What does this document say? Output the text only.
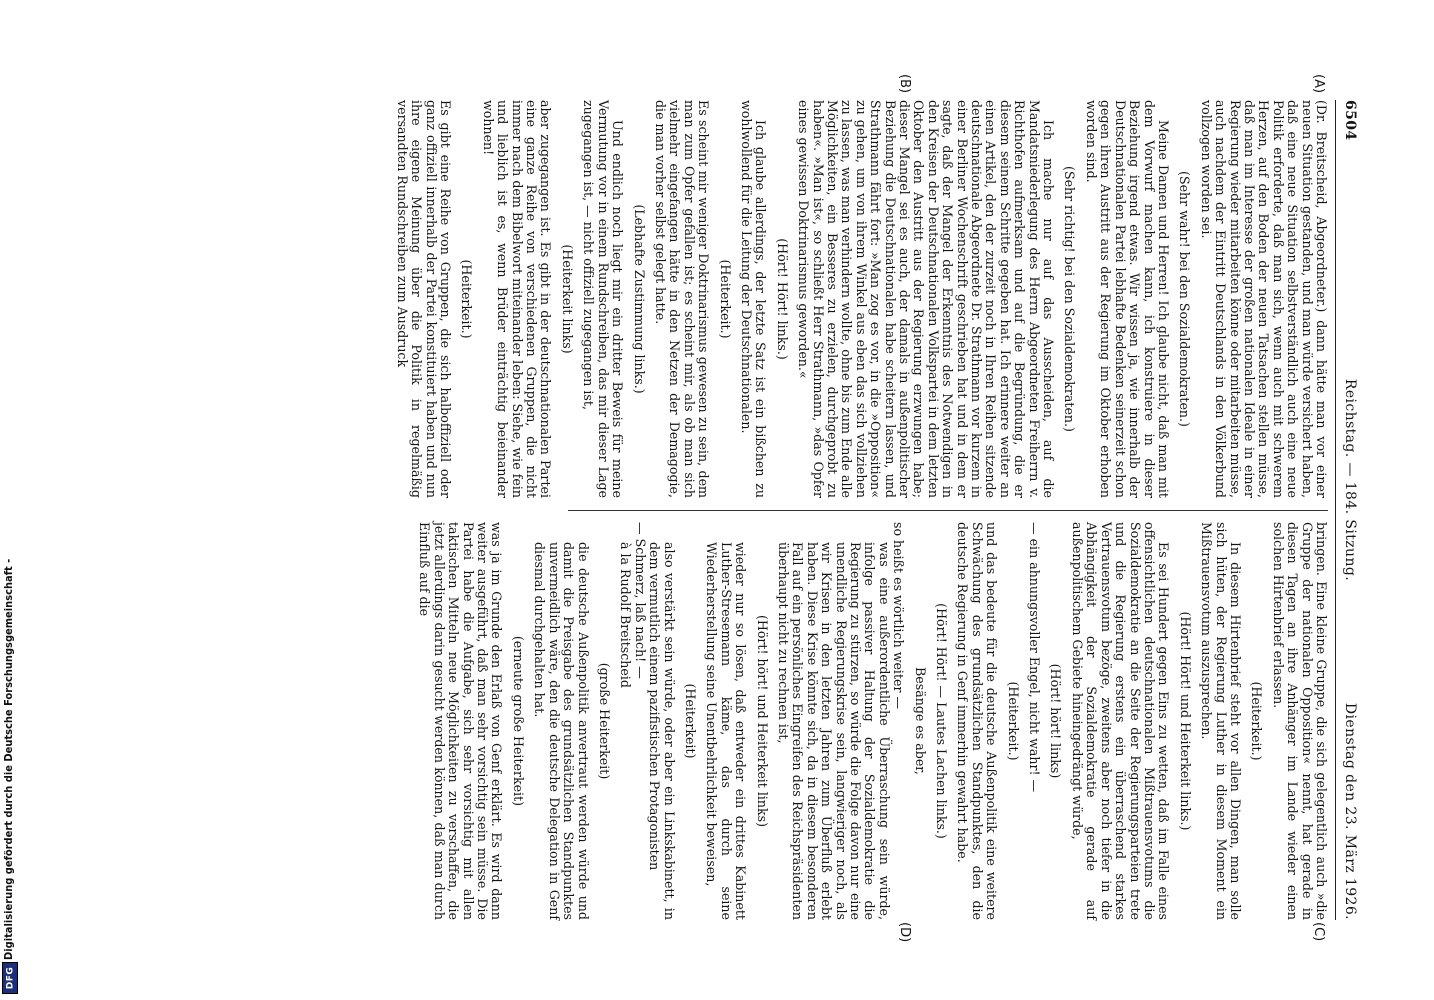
Digitalisierung gefördert durch die Deutsche Forschungsgemeinschaft -
DFG
6504
Reichstag. — 184. Sitzung.
Dienstag den 23. März 1926.
(A)
(B)
(C)
(D)

(Dr. Breitscheid, Abgeordneter.) dann hätte man vor einer neuen Situation gestanden, und man würde versichert haben, daß eine neue Situation selbstverständlich auch eine neue Politik erforderte, daß man sich, wenn auch mit schwerem Herzen, auf den Boden der neuen Tatsachen stellen müsse, daß man im Interesse der großen nationalen Ideale in einer Regierung wieder mitarbeiten könne oder mitarbeiten müsse, auch nachdem der Eintritt Deutschlands in den Völkerbund vollzogen worden sei.

(Sehr wahr! bei den Sozialdemokraten.)

Meine Damen und Herren! Ich glaube nicht, daß man mit dem Vorwurf machen kann, ich konstruiere in dieser Beziehung irgend etwas. Wir wissen ja, wie innerhalb der Deutschnationalen Partei lebhafte Bedenken seinerzeit schon gegen ihren Austritt aus der Regierung im Oktober erhoben worden sind.

(Sehr richtig! bei den Sozialdemokraten.)

Ich mache nur auf das Ausscheiden, auf die Mandatsniederlegung des Herrn Abgeordneten Freiherrn v. Richthofen aufmerksam und auf die Begründung, die er diesem seinem Schritte gegeben hat. Ich erinnere weiter an einen Artikel, den der zurzeit noch in Ihren Reihen sitzende deutschnationale Abgeordnete Dr. Strathmann vor kurzem in einer Berliner Wochenschrift geschrieben hat und in dem er sagte, daß der Mangel der Erkenntnis des Notwendigen in den Kreisen der Deutschnationalen Volkspartei in dem letzten Oktober den Austritt aus der Regierung erzwungen habe; dieser Mangel sei es auch, der damals in außenpolitischer Beziehung die Deutschnationalen habe scheitern lassen, und Strathmann fährt fort: »Man zog es vor, in die »Opposition« zu gehen, um von ihrem Winkel aus eben das sich vollziehen zu lassen, was man verhindern wollte, ohne bis zum Ende alle Möglichkeiten, ein Besseres zu erzielen, durchgeprobt zu haben«. »Man ist«, so schließt Herr Strathmann, »das Opfer eines gewissen Doktrinarismus geworden.«

(Hört! Hört! links.)

Ich glaube allerdings, der letzte Satz ist ein bißchen zu wohlwollend für die Leitung der Deutschnationalen.

(Heiterkeit.)

Es scheint mir weniger Doktrinarismus gewesen zu sein, dem man zum Opfer gefallen ist; es scheint mir, als ob man sich vielmehr eingefangen hätte in den Netzen der Demagogie, die man vorher selbst gelegt hatte.

(Lebhafte Zustimmung links.)

Und endlich noch liegt mir ein dritter Beweis für meine Vermutung vor in einem Rundschreiben, das mir dieser Lage zugegangen ist, — nicht offiziell zugegangen ist,

(Heiterkeit links)

aber zugegangen ist. Es gibt in der deutschnationalen Partei eine ganze Reihe von verschiedenen Gruppen, die nicht immer nach dem Bibelwort miteinander leben: Siehe, wie fein und lieblich ist es, wenn Brüder einträchtig beieinander wohnen!

(Heiterkeit.)

Es gibt eine Reihe von Gruppen, die sich halboffiziell oder ganz offiziell innerhalb der Partei konstituiert haben und nun ihre eigene Meinung über die Politik in regelmäßig versandten Rundschreiben zum Ausdruck

bringen. Eine kleine Gruppe, die sich gelegentlich auch »die Gruppe der nationalen Opposition« nennt, hat gerade in diesen Tagen an ihre Anhänger im Lande wieder einen solchen Hirtenbrief erlassen.

(Heiterkeit.)

In diesem Hirtenbrief steht vor allen Dingen, man solle sich hüten, der Regierung Luther in diesem Moment ein Mißtrauensvotum auszusprechen.

(Hört! Hört! und Heiterkeit links.)

Es sei Hundert gegen Eins zu wetten, daß im Falle eines offensichtlichen deutschnationalen Mißtrauensvotums die Sozialdemokratie an die Seite der Regierungsparteien trete und die Regierung erstens ein überraschend starkes Vertrauensvotum bezöge, zweitens aber noch tiefer in die Abhängigkeit der Sozialdemokratie gerade auf außenpolitischem Gebiete hineingedrängt würde,

(Hört! hört! links)

— ein ahnungsvoller Engel, nicht wahr! —

(Heiterkeit.)

und das bedeute für die deutsche Außenpolitik eine weitere Schwächung des grundsätzlichen Standpunktes, den die deutsche Regierung in Genf immerhin gewahrt habe.

(Hört! Hört! — Lautes Lachen links.)

Besänge es aber,

so heißt es wörtlich weiter —

was eine außerordentliche Überraschung sein würde, infolge passiver Haltung der Sozialdemokratie die Regierung zu stürzen, so würde die Folge davon nur eine unendliche Regierungskrise sein, langwieriger noch, als wir Krisen in den letzten Jahren zum Überfluß erlebt haben. Diese Krise könnte sich, da in diesem besonderen Fall auf ein persönliches Eingreifen des Reichspräsidenten überhaupt nicht zu rechnen ist,

(Hört! hört! und Heiterkeit links)

wieder nur so lösen, daß entweder ein drittes Kabinett Luther-Stresemann käme, das durch seine Wiederherstellung seine Unentbehrlichkeit beweisen,

(Heiterkeit)

also verstärkt sein würde, oder aber ein Linkskabinett, in dem vermutlich einem pazifistischen Protagonisten

— Schmerz, laß nach! —

à la Rudolf Breitscheid

(große Heiterkeit)

die deutsche Außenpolitik anvertraut werden würde und damit die Preisgabe des grundsätzlichen Standpunktes unvermeidlich wäre, den die deutsche Delegation in Genf diesmal durchgehalten hat.

(erneute große Heiterkeit)

was ja im Grunde den Erlaß von Genf erklärt. Es wird dann weiter ausgeführt, daß man sehr vorsichtig sein müsse. Die Partei habe die Aufgabe, sich sehr vorsichtig mit allen taktischen Mitteln neue Möglichkeiten zu verschaffen, die jetzt allerdings darin gesucht werden können, daß man durch Einfluß auf die
